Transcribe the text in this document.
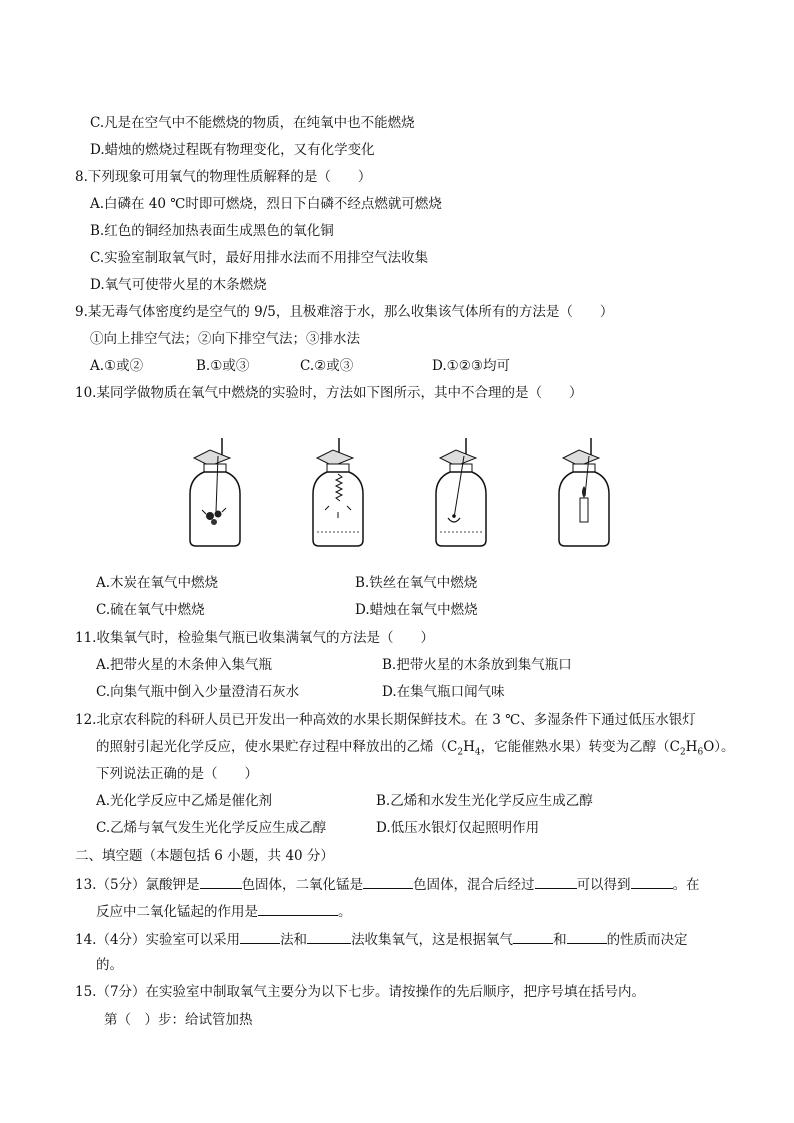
C.凡是在空气中不能燃烧的物质，在纯氧中也不能燃烧
D.蜡烛的燃烧过程既有物理变化，又有化学变化
8.下列现象可用氧气的物理性质解释的是（　　）
A.白磷在 40 ℃时即可燃烧，烈日下白磷不经点燃就可燃烧
B.红色的铜经加热表面生成黑色的氧化铜
C.实验室制取氧气时，最好用排水法而不用排空气法收集
D.氧气可使带火星的木条燃烧
9.某无毒气体密度约是空气的 9/5，且极难溶于水，那么收集该气体所有的方法是（　　）
①向上排空气法；②向下排空气法；③排水法
A.①或②	B.①或③	C.②或③	D.①②③均可
10.某同学做物质在氧气中燃烧的实验时，方法如下图所示，其中不合理的是（　　）
A.木炭在氧气中燃烧	B.铁丝在氧气中燃烧
C.硫在氧气中燃烧	D.蜡烛在氧气中燃烧
11.收集氧气时，检验集气瓶已收集满氧气的方法是（　　）
A.把带火星的木条伸入集气瓶	B.把带火星的木条放到集气瓶口
C.向集气瓶中倒入少量澄清石灰水	D.在集气瓶口闻气味
12.北京农科院的科研人员已开发出一种高效的水果长期保鲜技术。在 3 ℃、多湿条件下通过低压水银灯
的照射引起光化学反应，使水果贮存过程中释放出的乙烯（$C_2H_4$，它能催熟水果）转变为乙醇$(C_2H_6O)$。
下列说法正确的是（　　）
A.光化学反应中乙烯是催化剂	B.乙烯和水发生光化学反应生成乙醇
C.乙烯与氧气发生光化学反应生成乙醇	D.低压水银灯仅起照明作用
二、填空题（本题包括 6 小题，共 40 分）
13.（5分）氯酸钾是	色固体，二氧化锰是	色固体，混合后经过	可以得到	。在
反应中二氧化锰起的作用是	。
14.（4分）实验室可以采用	法和	法收集氧气，这是根据氧气	和	的性质而决定
的。
15.（7分）在实验室中制取氧气主要分为以下七步。请按操作的先后顺序，把序号填在括号内。
第（　）步：给试管加热
